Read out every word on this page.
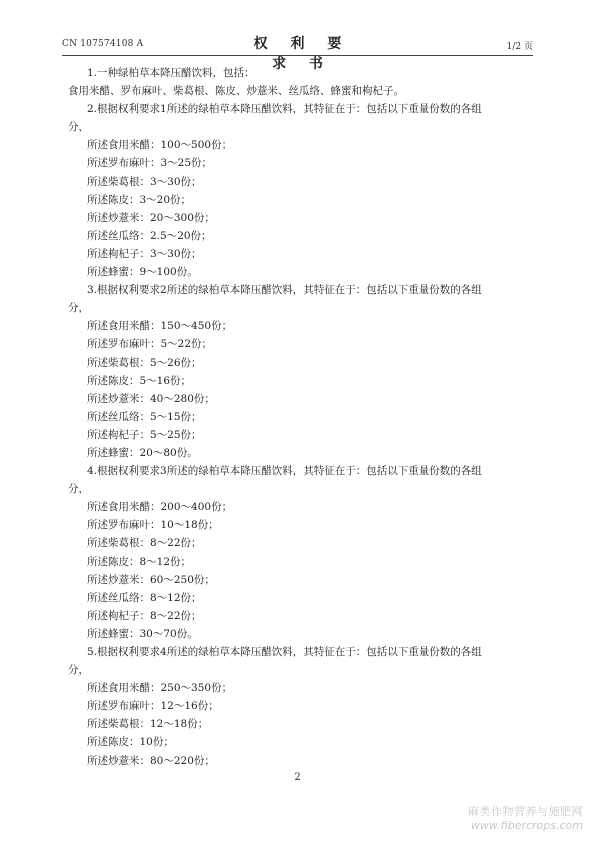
CN 107574108 A	权 利 要 求 书
1/2 页
1.一种绿柏草本降压醋饮料，包括：
食用米醋、罗布麻叶、柴葛根、陈皮、炒薏米、丝瓜络、蜂蜜和枸杞子。
2.根据权利要求1所述的绿柏草本降压醋饮料，其特征在于：包括以下重量份数的各组
分，
所述食用米醋：100～500份；
所述罗布麻叶：3～25份；
所述柴葛根：3～30份；
所述陈皮：3～20份；
所述炒薏米：20～300份；
所述丝瓜络：2.5～20份；
所述枸杞子：3～30份；
所述蜂蜜：9～100份。
3.根据权利要求2所述的绿柏草本降压醋饮料，其特征在于：包括以下重量份数的各组
分，
所述食用米醋：150～450份；
所述罗布麻叶：5～22份；
所述柴葛根：5～26份；
所述陈皮：5～16份；
所述炒薏米：40～280份；
所述丝瓜络：5～15份；
所述枸杞子：5～25份；
所述蜂蜜：20～80份。
4.根据权利要求3所述的绿柏草本降压醋饮料，其特征在于：包括以下重量份数的各组
分，
所述食用米醋：200～400份；
所述罗布麻叶：10～18份；
所述柴葛根：8～22份；
所述陈皮：8～12份；
所述炒薏米：60～250份；
所述丝瓜络：8～12份；
所述枸杞子：8～22份；
所述蜂蜜：30～70份。
5.根据权利要求4所述的绿柏草本降压醋饮料，其特征在于：包括以下重量份数的各组
分，
所述食用米醋：250～350份；
所述罗布麻叶：12～16份；
所述柴葛根：12～18份；
所述陈皮：10份；
所述炒薏米：80～220份；
2
麻类作物营养与施肥网
www.fibercrops.com
